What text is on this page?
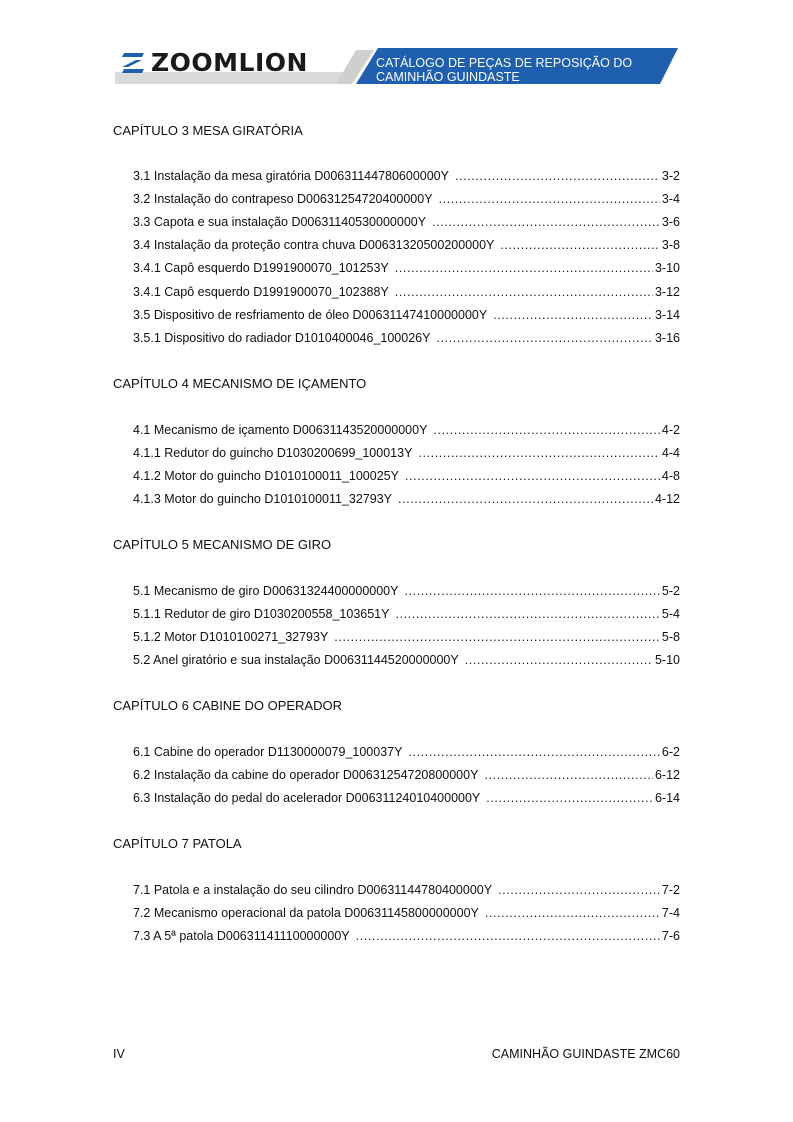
ZOOMLION	CATÁLOGO DE PEÇAS DE REPOSIÇÃO DO
CAMINHÃO GUINDASTE
CAPÍTULO 3 MESA GIRATÓRIA
3.1 Instalação da mesa giratória D00631144780600000Y .....	3-2
3.2 Instalação do contrapeso D00631254720400000Y .....	3-4
3.3 Capota e sua instalação D00631140530000000Y .....	3-6
3.4 Instalação da proteção contra chuva D00631320500200000Y .....	3-8
3.4.1 Capô esquerdo D1991900070_101253Y .....	3-10
3.4.1 Capô esquerdo D1991900070_102388Y .....	3-12
3.5 Dispositivo de resfriamento de óleo D00631147410000000Y .....	3-14
3.5.1 Dispositivo do radiador D1010400046_100026Y .....	3-16
CAPÍTULO 4 MECANISMO DE IÇAMENTO
4.1 Mecanismo de içamento D00631143520000000Y .....	4-2
4.1.1 Redutor do guincho D1030200699_100013Y .....	4-4
4.1.2 Motor do guincho D1010100011_100025Y .....	4-8
4.1.3 Motor do guincho D1010100011_32793Y .....	4-12
CAPÍTULO 5 MECANISMO DE GIRO
5.1 Mecanismo de giro D00631324400000000Y .....	5-2
5.1.1 Redutor de giro D1030200558_103651Y .....	5-4
5.1.2 Motor D1010100271_32793Y .....	5-8
5.2 Anel giratório e sua instalação D00631144520000000Y .....	5-10
CAPÍTULO 6 CABINE DO OPERADOR
6.1 Cabine do operador D1130000079_100037Y .....	6-2
6.2 Instalação da cabine do operador D00631254720800000Y .....	6-12
6.3 Instalação do pedal do acelerador D00631124010400000Y .....	6-14
CAPÍTULO 7 PATOLA
7.1 Patola e a instalação do seu cilindro D00631144780400000Y .....	7-2
7.2 Mecanismo operacional da patola D00631145800000000Y .....	7-4
7.3 A 5ª patola D00631141110000000Y .....	7-6
IV	CAMINHÃO GUINDASTE ZMC60
